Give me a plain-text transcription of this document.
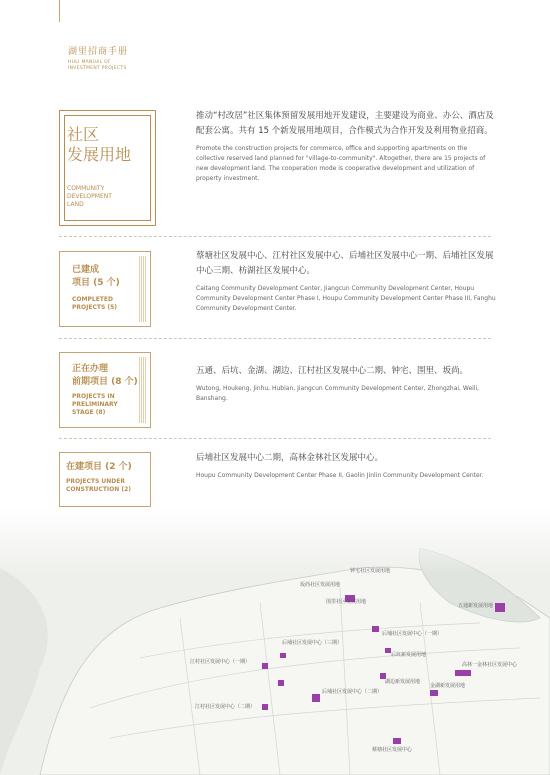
湖里招商手册
HULI MANUAL OF
INVESTMENT PROJECTS
社区
发展用地
COMMUNITY
DEVELOPMENT
LAND
推动“村改居”社区集体预留发展用地开发建设，主要建设为商业、办公、酒店及配套公寓。共有 15 个新发展用地项目，合作模式为合作开发及利用物业招商。
Promote the construction projects for commerce, office and supporting apartments on the collective reserved land planned for "village-to-community". Altogether, there are 15 projects of new development land. The cooperation mode is cooperative development and utilization of property investment.
已建成
项目 (5 个)
COMPLETED
PROJECTS (5)
蔡塘社区发展中心、江村社区发展中心、后埔社区发展中心一期、后埔社区发展中心三期、枋湖社区发展中心。
Caitang Community Development Center, Jiangcun Community Development Center, Houpu Community Development Center Phase I, Houpu Community Development Center Phase III, Fanghu Community Development Center.
正在办理
前期项目 (8 个)
PROJECTS IN
PRELIMINARY
STAGE (8)
五通、后坑、金湖、湖边、江村社区发展中心二期、钟宅、围里、坂尚。
Wutong, Houkeng, Jinhu, Hubian, Jiangcun Community Development Center, Zhongzhai, Weili, Banshang.
在建项目 (2 个)
PROJECTS UNDER
CONSTRUCTION (2)
后埔社区发展中心二期，高林金林社区发展中心。
Houpu Community Development Center Phase II, Gaolin Jinlin Community Development Center.
钟宅社区发展用地
坂尚社区发展用地
围里社区发展用地
五通新发展用地
后埔社区发展中心（一期）
江村社区发展中心（一期）
后埔社区发展中心（三期）
后坑新发展用地
高林一金林社区发展中心
湖边新发展用地
后埔社区发展中心（二期）
江村社区发展中心（二期）
金湖新发展用地
蔡塘社区发展中心
